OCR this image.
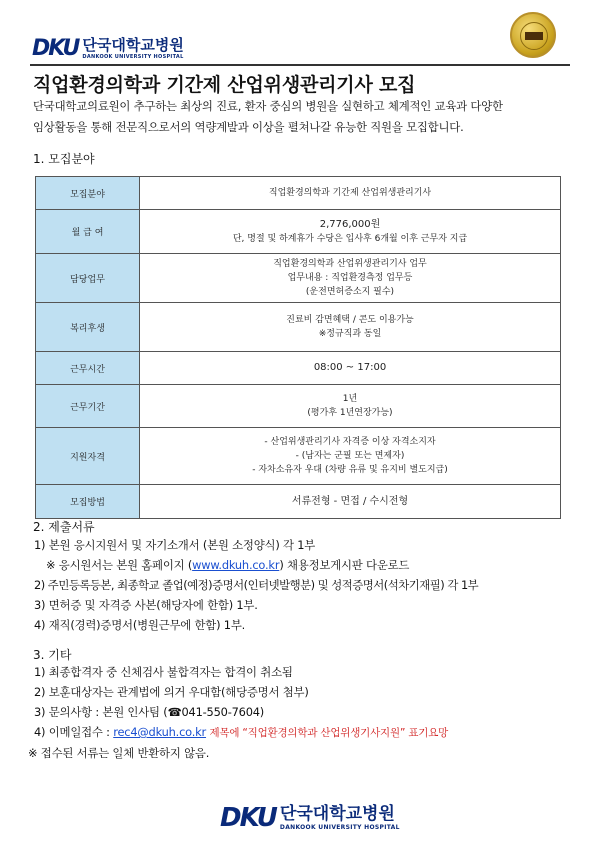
DKU 단국대학교병원
DANKOOK UNIVERSITY HOSPITAL
직업환경의학과 기간제 산업위생관리기사 모집
단국대학교의료원이 추구하는 최상의 진료, 환자 중심의 병원을 실현하고 체계적인 교육과 다양한
임상활동을 통해 전문직으로서의 역량계발과 이상을 펼쳐나갈 유능한 직원을 모집합니다.
1. 모집분야
모집분야	직업환경의학과 기간제 산업위생관리기사

월 급 여	2,776,000원
단, 명절 및 하계휴가 수당은 입사후 6개월 이후 근무자 지급

담당업무	직업환경의학과 산업위생관리기사 업무
업무내용 : 직업환경측정 업무등
(운전면허증소지 필수)

복리후생	진료비 감면혜택 / 콘도 이용가능
※정규직과 동일

근무시간	08:00 ~ 17:00

근무기간	1년
(평가후 1년연장가능)

지원자격	- 산업위생관리기사 자격증 이상 자격소지자
- (남자는 군필 또는 면제자)
- 자차소유자 우대 (차량 유류 및 유지비 별도지급)

모집방법	서류전형 - 면접 / 수시전형
2. 제출서류
1) 본원 응시지원서 및 자기소개서 (본원 소정양식) 각 1부
※ 응시원서는 본원 홈페이지 (www.dkuh.co.kr) 채용정보게시판 다운로드
2) 주민등록등본, 최종학교 졸업(예정)증명서(인터넷발행분) 및 성적증명서(석차기재필) 각 1부
3) 면허증 및 자격증 사본(해당자에 한함) 1부.
4) 재직(경력)증명서(병원근무에 한함) 1부.
3. 기타
1) 최종합격자 중 신체검사 불합격자는 합격이 취소됨
2) 보훈대상자는 관계법에 의거 우대함(해당증명서 첨부)
3) 문의사항 : 본원 인사팀 (☎041-550-7604)
4) 이메일접수 : rec4@dkuh.co.kr 제목에 “직업환경의학과 산업위생기사지원” 표기요망
※ 접수된 서류는 일체 반환하지 않음.
DKU 단국대학교병원
DANKOOK UNIVERSITY HOSPITAL
